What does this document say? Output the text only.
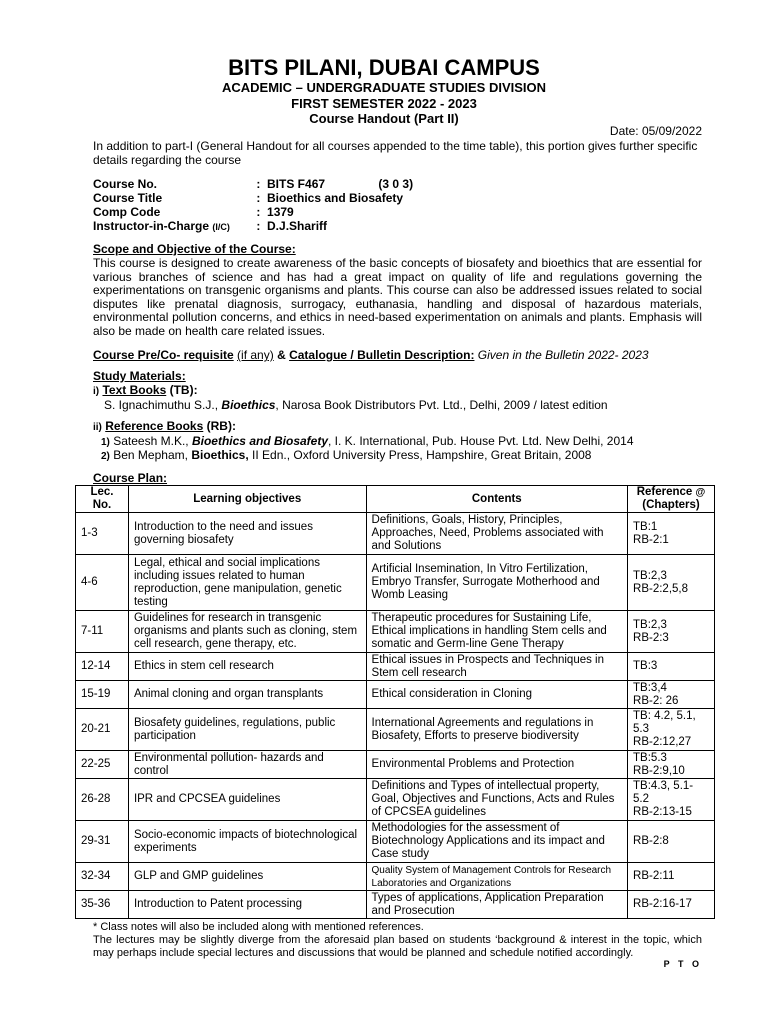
BITS PILANI, DUBAI CAMPUS
ACADEMIC – UNDERGRADUATE STUDIES DIVISION
FIRST SEMESTER 2022 - 2023
Course Handout (Part II)
Date: 05/09/2022
In addition to part-I (General Handout for all courses appended to the time table), this portion gives further specific details regarding the course
Course No.	: BITS F467	(3 0 3)
Course Title	: Bioethics and Biosafety
Comp Code	: 1379
Instructor-in-Charge (I/C) : D.J.Shariff
Scope and Objective of the Course:
This course is designed to create awareness of the basic concepts of biosafety and bioethics that are essential for various branches of science and has had a great impact on quality of life and regulations governing the experimentations on transgenic organisms and plants. This course can also be addressed issues related to social disputes like prenatal diagnosis, surrogacy, euthanasia, handling and disposal of hazardous materials, environmental pollution concerns, and ethics in need-based experimentation on animals and plants. Emphasis will also be made on health care related issues.
Course Pre/Co- requisite (if any) & Catalogue / Bulletin Description: Given in the Bulletin 2022- 2023
Study Materials:
i) Text Books (TB):
S. Ignachimuthu S.J., Bioethics, Narosa Book Distributors Pvt. Ltd., Delhi, 2009 / latest edition
ii) Reference Books (RB):
1) Sateesh M.K., Bioethics and Biosafety, I. K. International, Pub. House Pvt. Ltd. New Delhi, 2014
2) Ben Mepham, Bioethics, II Edn., Oxford University Press, Hampshire, Great Britain, 2008
Course Plan:
Lec. No.	Learning objectives	Contents	Reference @
(Chapters)
1-3	Introduction to the need and issues governing biosafety	Definitions, Goals, History, Principles, Approaches, Need, Problems associated with and Solutions	TB:1
RB-2:1
4-6	Legal, ethical and social implications including issues related to human reproduction, gene manipulation, genetic testing	Artificial Insemination, In Vitro Fertilization, Embryo Transfer, Surrogate Motherhood and Womb Leasing	TB:2,3
RB-2:2,5,8
7-11	Guidelines for research in transgenic organisms and plants such as cloning, stem cell research, gene therapy, etc.	Therapeutic procedures for Sustaining Life, Ethical implications in handling Stem cells and somatic and Germ-line Gene Therapy	TB:2,3
RB-2:3
12-14	Ethics in stem cell research	Ethical issues in Prospects and Techniques in Stem cell research	TB:3
15-19	Animal cloning and organ transplants	Ethical consideration in Cloning	TB:3,4
RB-2: 26
20-21	Biosafety guidelines, regulations, public participation	International Agreements and regulations in Biosafety, Efforts to preserve biodiversity	TB: 4.2, 5.1, 5.3
RB-2:12,27
22-25	Environmental pollution- hazards and control	Environmental Problems and Protection	TB:5.3
RB-2:9,10
26-28	IPR and CPCSEA guidelines	Definitions and Types of intellectual property, Goal, Objectives and Functions, Acts and Rules of CPCSEA guidelines	TB:4.3, 5.1-5.2
RB-2:13-15
29-31	Socio-economic impacts of biotechnological experiments	Methodologies for the assessment of Biotechnology Applications and its impact and Case study	RB-2:8
32-34	GLP and GMP guidelines	Quality System of Management Controls for Research Laboratories and Organizations	RB-2:11
35-36	Introduction to Patent processing	Types of applications, Application Preparation and Prosecution	RB-2:16-17
* Class notes will also be included along with mentioned references.
The lectures may be slightly diverge from the aforesaid plan based on students ‘background & interest in the topic, which may perhaps include special lectures and discussions that would be planned and schedule notified accordingly.
P T O
